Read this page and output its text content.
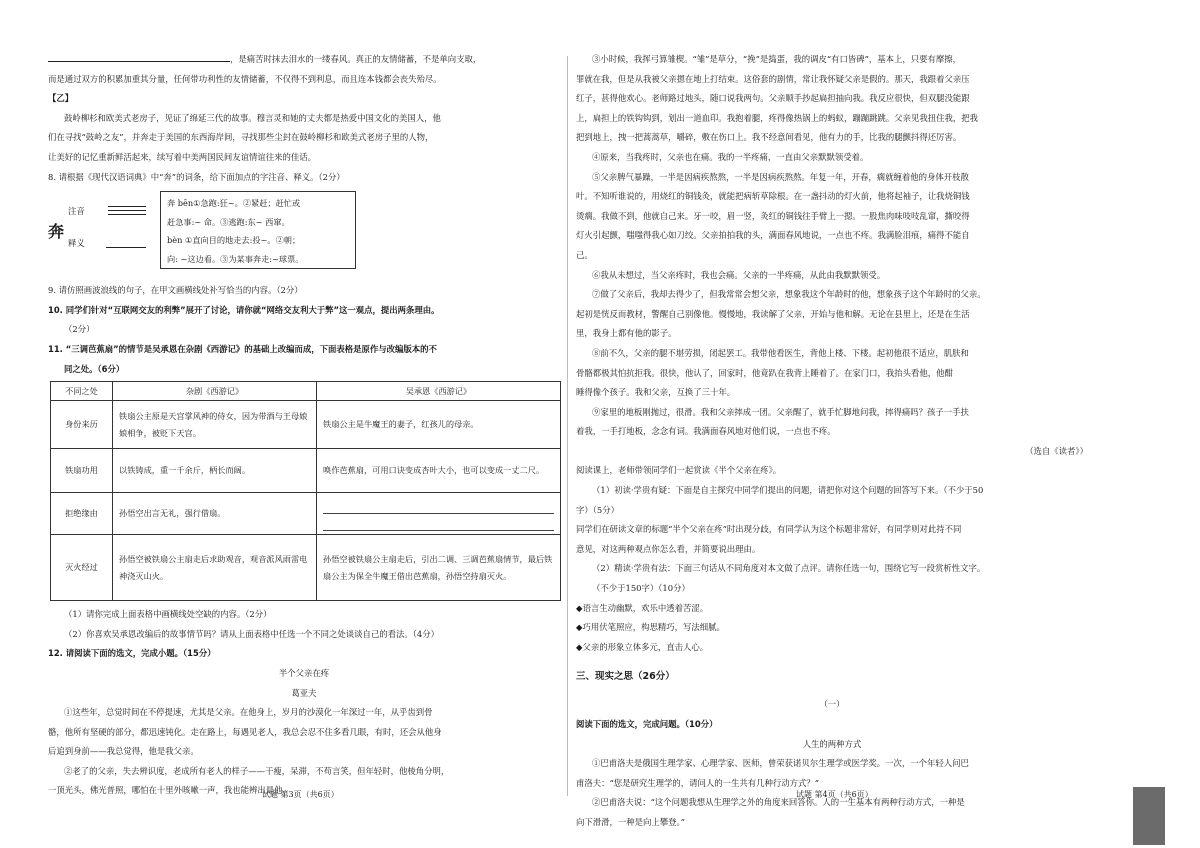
，是痛苦时抹去泪水的一缕春风。真正的友情储蓄，不是单向支取，

而是通过双方的积累加重其分量，任何带功利性的友情储蓄，不仅得不到利息，而且连本钱都会丧失殆尽。

【乙】

鼓岭柳杉和欧美式老房子，见证了绵延三代的故事。穆言灵和她的丈夫都是热爱中国文化的美国人，他

们在寻找“鼓岭之友”，并奔走于美国的东西海岸间，寻找那些尘封在鼓岭柳杉和欧美式老房子里的人物，

让美好的记忆重新鲜活起来，续写着中美两国民间友谊情谊往来的佳话。

8. 请根据《现代汉语词典》中“奔”的词条，给下面加点的字注音、释义。（2分）

奔
注音
释义

奔 bēn①急跑:狂~。②紧赶；赶忙或

赶急事:~ 命。③逃跑:东~ 西窜。

bèn ①直向目的地走去:投~。②朝；

向: ~这边看。③为某事奔走:~球票。

9. 请仿照画波浪线的句子，在甲文画横线处补写恰当的内容。（2分）

10. 同学们针对“互联网交友的利弊”展开了讨论，请你就“网络交友利大于弊”这一观点，提出两条理由。

（2分）

11. “三调芭蕉扇”的情节是吴承恩在杂剧《西游记》的基础上改编而成，下面表格是原作与改编版本的不

同之处。（6分）

不同之处	杂剧《西游记》	吴承恩《西游记》
身份来历	铁扇公主原是天宫掌风神的侍女，因为带酒与王母娘娘相争，被贬下天宫。	铁扇公主是牛魔王的妻子，红孩儿的母亲。
铁扇功用	以铁铸成，重一千余斤，柄长而阔。	唤作芭蕉扇，可用口诀变成杏叶大小，也可以变成一丈二尺。
拒绝缘由	孙悟空出言无礼，强行借扇。	

灭火经过	孙悟空被铁扇公主扇走后求助观音，观音派风雨雷电神浇灭山火。	孙悟空被铁扇公主扇走后，引出二调、三调芭蕉扇情节，最后铁扇公主为保全牛魔王借出芭蕉扇，孙悟空持扇灭火。

（1）请你完成上面表格中画横线处空缺的内容。（2分）

（2）你喜欢吴承恩改编后的故事情节吗？请从上面表格中任选一个不同之处谈谈自己的看法。（4分）

12. 请阅读下面的选文，完成小题。（15分）

半个父亲在疼

葛亚夫

①这些年，总觉时间在不停提速，尤其是父亲。在他身上，岁月的沙漠化一年深过一年，从乎齿到骨

骼，他所有坚硬的部分，都迅速钝化。走在路上，每遇见老人，我总会忍不住多看几眼，有时，还会从他身

后追到身前——我总觉得，他是我父亲。

②老了的父亲，失去辨识度，老成所有老人的样子——干瘦，呆滞，不苟言笑，但年轻时，他棱角分明，

一顶光头，佛光普照，哪怕在十里外咳嗽一声，我也能辨出是他。

③小时候，我挥弓算雏楔。“雏”是草分，“挽”是捣蛋，我的调皮“有口皆碑”，基本上，只要有摩擦，

罪就在我，但是从我被父亲摁在地上打结束。这俗套的剧情，常让我怀疑父亲是假的。那天，我跟着父亲压

红子，甚得他欢心。老师路过地头，随口说我两句。父亲顺手抄起扁担抽向我。我反应很快，但双腿没能跟

上，扁担上的铁钩钩到，划出一道血印。我抱着腿，疼得像热锅上的蚂蚁，蹦蹦跳跳。父亲见我扭住我，把我

把到地上，拽一把蒿蒿草，嚼碎，敷在伤口上。我不经意间看见，他有力的手，比我的腿颤抖得还厉害。

④原来，当我疼时，父亲也在痛。我的一半疼痛，一直由父亲默默领受着。

⑤父亲脾气暴躁，一半是因病疾熬熬，一半是因病疾熬熬。年复一年，开春，瘸就缠着他的身体开枝散

叶。不知听谁说的，用烧红的铜钱灸，就能把病斩草除根。在一盏抖动的灯火前，他将起袖子，让我烧铜钱

烫瘸。我做不到，他就自己来。牙一咬，眉一竖，灸红的铜钱往手臂上一摁。一股焦肉味吱吱乱窜，撕咬得

灯火引起颤，嗤嗤得我心如刀绞。父亲拍拍我的头，满面春风地说，一点也不疼。我满脸泪痕，痛得不能自

己。

⑥我从未想过，当父亲疼时，我也会痛。父亲的一半疼痛，从此由我默默领受。

⑦做了父亲后，我却去得少了，但我常常会想父亲，想象我这个年龄时的他，想象孩子这个年龄时的父亲。

起初是恍反而教材，警醒自己别像他。慢慢地，我读解了父亲，开始与他和解。无论在县里上，还是在生活

里，我身上都有他的影子。

⑧前不久，父亲的腿不堪劳损，闭起罢工。我带他看医生，背他上楼、下楼。起初他很不适应，肌肤和

骨骼都极其怕抗拒我。很快，他认了，回家时，他竟趴在我背上睡着了。在家门口，我抬头看他，他酣

睡得像个孩子。我和父亲，互换了三十年。

⑨家里的地板刚抛过，很滑。我和父亲摔成一团。父亲醒了，就手忙脚地问我，摔得痛吗？孩子一手扶

着我，一手打地板，念念有词。我满面春风地对他们说，一点也不疼。

（选自《读者》）

阅读课上，老师带领同学们一起赏读《半个父亲在疼》。

（1）初读·学贵有疑：下面是自主探究中同学们提出的问题，请把你对这个问题的回答写下来。（不少于50

字）（5分）

同学们在研读文章的标题“半个父亲在疼”时出现分歧，有同学认为这个标题非常好，有同学则对此持不同

意见，对这两种观点你怎么看，并简要说出理由。

（2）精读·学贵有法：下面三句话从不同角度对本文做了点评。请你任选一句，围绕它写一段赏析性文字。

（不少于150字）（10分）

◆语言生动幽默，欢乐中透着苦涩。

◆巧用伏笔照应，构思精巧，写法细腻。

◆父亲的形象立体多元，直击人心。

三、现实之思（26分）

（一）

阅读下面的选文，完成问题。（10分）

人生的两种方式

①巴甫洛夫是俄国生理学家、心理学家、医师，曾荣获诺贝尔生理学或医学奖。一次，一个年轻人问巴

甫洛夫：“您是研究生理学的，请问人的一生共有几种行动方式？”

②巴甫洛夫说：“这个问题我想从生理学之外的角度来回答你。人的一生基本有两种行动方式，一种是

向下滑滑，一种是向上攀登。”

试题 第3页（共6页）	试题 第4页（共6页）
